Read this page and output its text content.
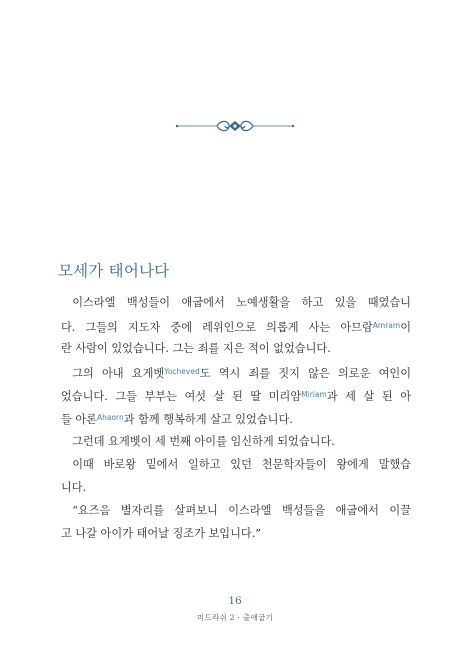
모세가 태어나다
 이스라엘 백성들이 애굽에서 노예생활을 하고 있을 때였습니
다. 그들의 지도자 중에 레위인으로 의롭게 사는 아므람$^{Amram}$이
란 사람이 있었습니다. 그는 죄를 지은 적이 없었습니다.
 그의 아내 요게벳$^{Yocheved}$도 역시 죄를 짓지 않은 의로운 여인이
었습니다. 그들 부부는 여섯 살 된 딸 미리암$^{Miriam}$과 세 살 된 아
들 아론$^{Ahaorn}$과 함께 행복하게 살고 있었습니다.
 그런데 요게벳이 세 번째 아이를 임신하게 되었습니다.
 이때 바로왕 밑에서 일하고 있던 천문학자들이 왕에게 말했습
니다.
 “요즈음 별자리를 살펴보니 이스라엘 백성들을 애굽에서 이끌
고 나갈 아이가 태어날 징조가 보입니다.”
16
미드라쉬 2 · 출애굽기
